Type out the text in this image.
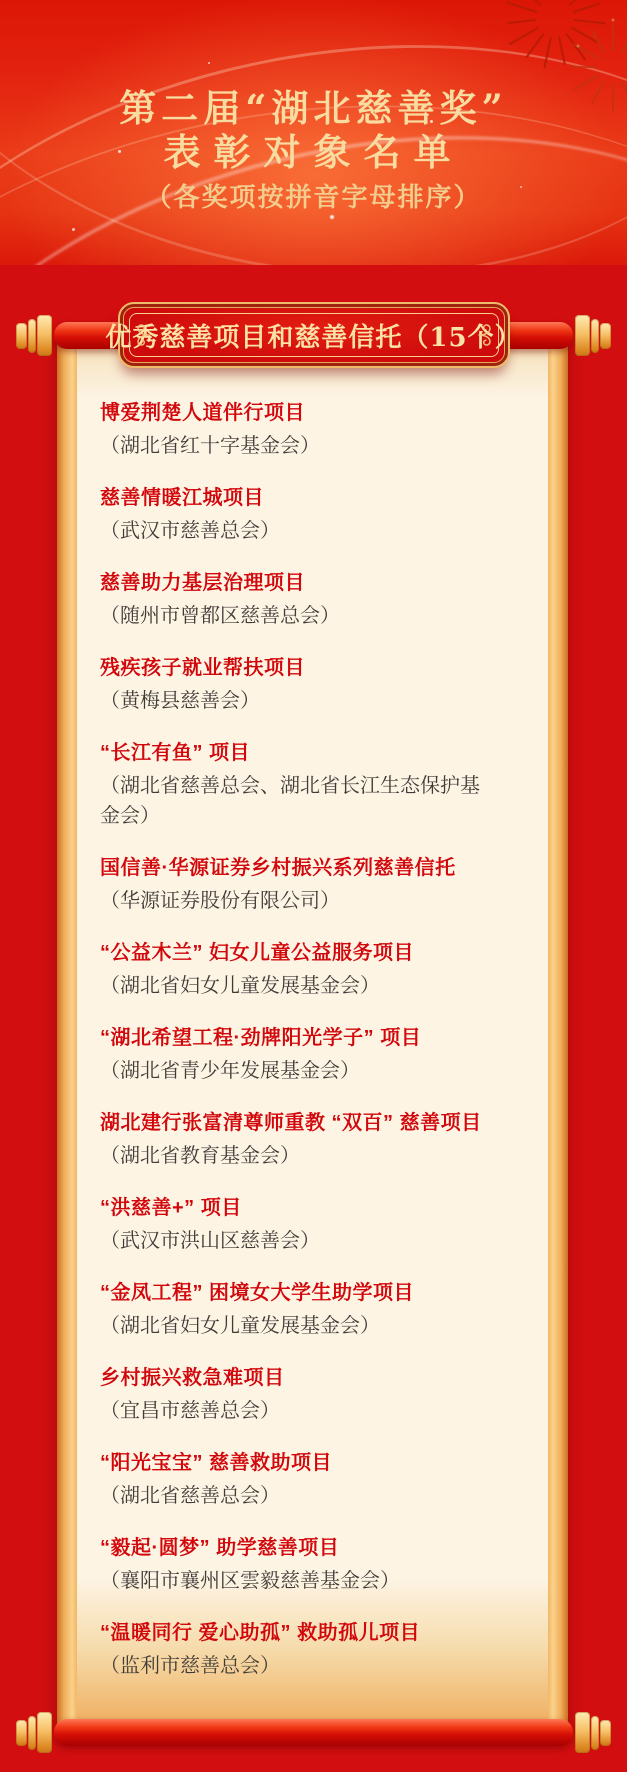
第二届“湖北慈善奖”
表彰对象名单
（各奖项按拼音字母排序）
博爱荆楚人道伴行项目
（湖北省红十字基金会）
慈善情暖江城项目
（武汉市慈善总会）
慈善助力基层治理项目
（随州市曾都区慈善总会）
残疾孩子就业帮扶项目
（黄梅县慈善会）
“长江有鱼” 项目
（湖北省慈善总会、湖北省长江生态保护基金会）
国信善·华源证券乡村振兴系列慈善信托
（华源证券股份有限公司）
“公益木兰” 妇女儿童公益服务项目
（湖北省妇女儿童发展基金会）
“湖北希望工程·劲牌阳光学子” 项目
（湖北省青少年发展基金会）
湖北建行张富清尊师重教 “双百” 慈善项目
（湖北省教育基金会）
“洪慈善+” 项目
（武汉市洪山区慈善会）
“金凤工程” 困境女大学生助学项目
（湖北省妇女儿童发展基金会）
乡村振兴救急难项目
（宜昌市慈善总会）
“阳光宝宝” 慈善救助项目
（湖北省慈善总会）
“毅起·圆梦” 助学慈善项目
（襄阳市襄州区雲毅慈善基金会）
“温暖同行 爱心助孤” 救助孤儿项目
（监利市慈善总会）
优秀慈善项目和慈善信托（15个）
